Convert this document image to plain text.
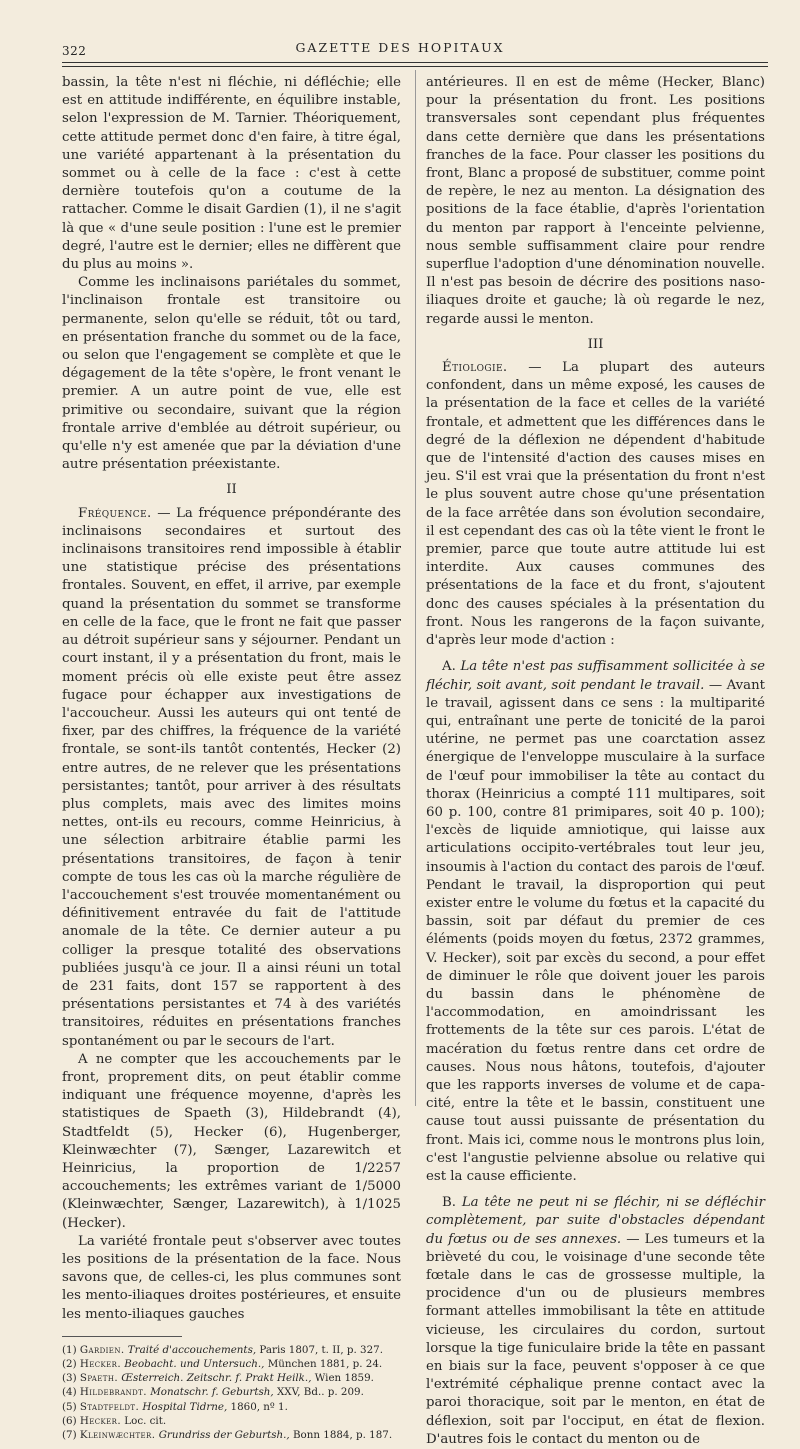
322	GAZETTE DES HOPITAUX

bassin, la tête n'est ni fléchie, ni défléchie; elle est en attitude indifférente, en équilibre instable, selon l'expression de M. Tarnier. Théoriquement, cette attitude permet donc d'en faire, à titre égal, une variété appartenant à la présentation du sommet ou à celle de la face : c'est à cette dernière toutefois qu'on a coutume de la rattacher. Comme le disait Gardien (1), il ne s'agit là que « d'une seule position : l'une est le premier degré, l'autre est le dernier; elles ne diffèrent que du plus au moins ».

Comme les inclinaisons pariétales du sommet, l'inclinaison frontale est transitoire ou permanente, selon qu'elle se réduit, tôt ou tard, en présentation franche du sommet ou de la face, ou selon que l'engagement se complète et que le dégagement de la tête s'opère, le front venant le premier. A un autre point de vue, elle est primitive ou secondaire, suivant que la région frontale arrive d'emblée au détroit supérieur, ou qu'elle n'y est amenée que par la déviation d'une autre présentation préexistante.

II

Fréquence. — La fréquence prépondérante des inclinaisons secondaires et surtout des inclinaisons transitoires rend impossible à établir une statistique précise des présentations frontales. Souvent, en effet, il arrive, par exemple quand la présentation du sommet se transforme en celle de la face, que le front ne fait que passer au détroit supérieur sans y séjourner. Pendant un court instant, il y a présentation du front, mais le moment précis où elle existe peut être assez fugace pour échapper aux investigations de l'accoucheur. Aussi les auteurs qui ont tenté de fixer, par des chiffres, la fréquence de la variété frontale, se sont-ils tantôt contentés, Hecker (2) entre autres, de ne relever que les présentations persistantes; tantôt, pour arriver à des résultats plus complets, mais avec des limites moins nettes, ont-ils eu recours, comme Heinricius, à une sélection arbitraire établie parmi les présentations transitoires, de façon à tenir compte de tous les cas où la marche régulière de l'accouchement s'est trouvée momentanément ou définitivement entravée du fait de l'attitude anomale de la tête. Ce dernier auteur a pu colliger la presque totalité des observations publiées jusqu'à ce jour. Il a ainsi réuni un total de 231 faits, dont 157 se rapportent à des présentations persistantes et 74 à des variétés transitoires, réduites en présentations franches spontanément ou par le secours de l'art.

A ne compter que les accouchements par le front, proprement dits, on peut établir comme indiquant une fréquence moyenne, d'après les statistiques de Spaeth (3), Hildebrandt (4), Stadtfeldt (5), Hecker (6), Hugenberger, Kleinwæchter (7), Sænger, Lazarewitch et Heinricius, la proportion de 1/2257 accouchements; les extrêmes variant de 1/5000 (Kleinwæchter, Sænger, Lazarewitch), à 1/1025 (Hecker).

La variété frontale peut s'observer avec toutes les positions de la présentation de la face. Nous savons que, de celles-ci, les plus communes sont les mento-iliaques droites postérieures, et ensuite les mento-iliaques gauches

(1) Gardien. Traité d'accouchements, Paris 1807, t. II, p. 327.
(2) Hecker. Beobacht. und Untersuch., München 1881, p. 24.
(3) Spaeth. Œsterreich. Zeitschr. f. Prakt Heilk., Wien 1859.
(4) Hildebrandt. Monatschr. f. Geburtsh, XXV, Bd.. p. 209.
(5) Stadtfeldt. Hospital Tidrne, 1860, nº 1.
(6) Hecker. Loc. cit.
(7) Kleinwæchter. Grundriss der Geburtsh., Bonn 1884, p. 187.

antérieures. Il en est de même (Hecker, Blanc) pour la présentation du front. Les positions transversales sont cependant plus fréquentes dans cette dernière que dans les présentations franches de la face. Pour classer les positions du front, Blanc a proposé de substituer, comme point de repère, le nez au menton. La désignation des positions de la face établie, d'après l'orientation du menton par rapport à l'enceinte pelvienne, nous semble suffisamment claire pour rendre superflue l'adoption d'une dénomination nouvelle. Il n'est pas besoin de décrire des positions naso-iliaques droite et gauche; là où regarde le nez, regarde aussi le menton.

III

Étiologie. — La plupart des auteurs confondent, dans un même exposé, les causes de la présentation de la face et celles de la variété frontale, et admettent que les différences dans le degré de la déflexion ne dépendent d'habitude que de l'intensité d'action des causes mises en jeu. S'il est vrai que la présentation du front n'est le plus souvent autre chose qu'une présentation de la face arrêtée dans son évolution secondaire, il est cependant des cas où la tête vient le front le premier, parce que toute autre attitude lui est interdite. Aux causes communes des présentations de la face et du front, s'ajoutent donc des causes spéciales à la présentation du front. Nous les rangerons de la façon suivante, d'après leur mode d'action :

A. La tête n'est pas suffisamment sollicitée à se fléchir, soit avant, soit pendant le travail. — Avant le travail, agissent dans ce sens : la multiparité qui, entraînant une perte de tonicité de la paroi utérine, ne permet pas une coarctation assez énergique de l'enveloppe musculaire à la surface de l'œuf pour immobiliser la tête au contact du thorax (Heinricius a compté 111 multipares, soit 60 p. 100, contre 81 primipares, soit 40 p. 100); l'excès de liquide amniotique, qui laisse aux articulations occipito-vertébrales tout leur jeu, insoumis à l'action du contact des parois de l'œuf. Pendant le travail, la disproportion qui peut exister entre le volume du fœtus et la capacité du bassin, soit par défaut du premier de ces éléments (poids moyen du fœtus, 2372 grammes, V. Hecker), soit par excès du second, a pour effet de diminuer le rôle que doivent jouer les parois du bassin dans le phénomène de l'accommodation, en amoindrissant les frottements de la tête sur ces parois. L'état de macération du fœtus rentre dans cet ordre de causes. Nous nous hâtons, toutefois, d'ajouter que les rapports inverses de volume et de capacité, entre la tête et le bassin, constituent une cause tout aussi puissante de présentation du front. Mais ici, comme nous le montrons plus loin, c'est l'angustie pelvienne absolue ou relative qui est la cause efficiente.

B. La tête ne peut ni se fléchir, ni se défléchir complètement, par suite d'obstacles dépendant du fœtus ou de ses annexes. — Les tumeurs et la brièveté du cou, le voisinage d'une seconde tête fœtale dans le cas de grossesse multiple, la procidence d'un ou de plusieurs membres formant attelles immobilisant la tête en attitude vicieuse, les circulaires du cordon, surtout lorsque la tige funiculaire bride la tête en passant en biais sur la face, peuvent s'opposer à ce que l'extrémité céphalique prenne contact avec la paroi thoracique, soit par le menton, en état de déflexion, soit par l'occiput, en état de flexion. D'autres fois le contact du menton ou de
